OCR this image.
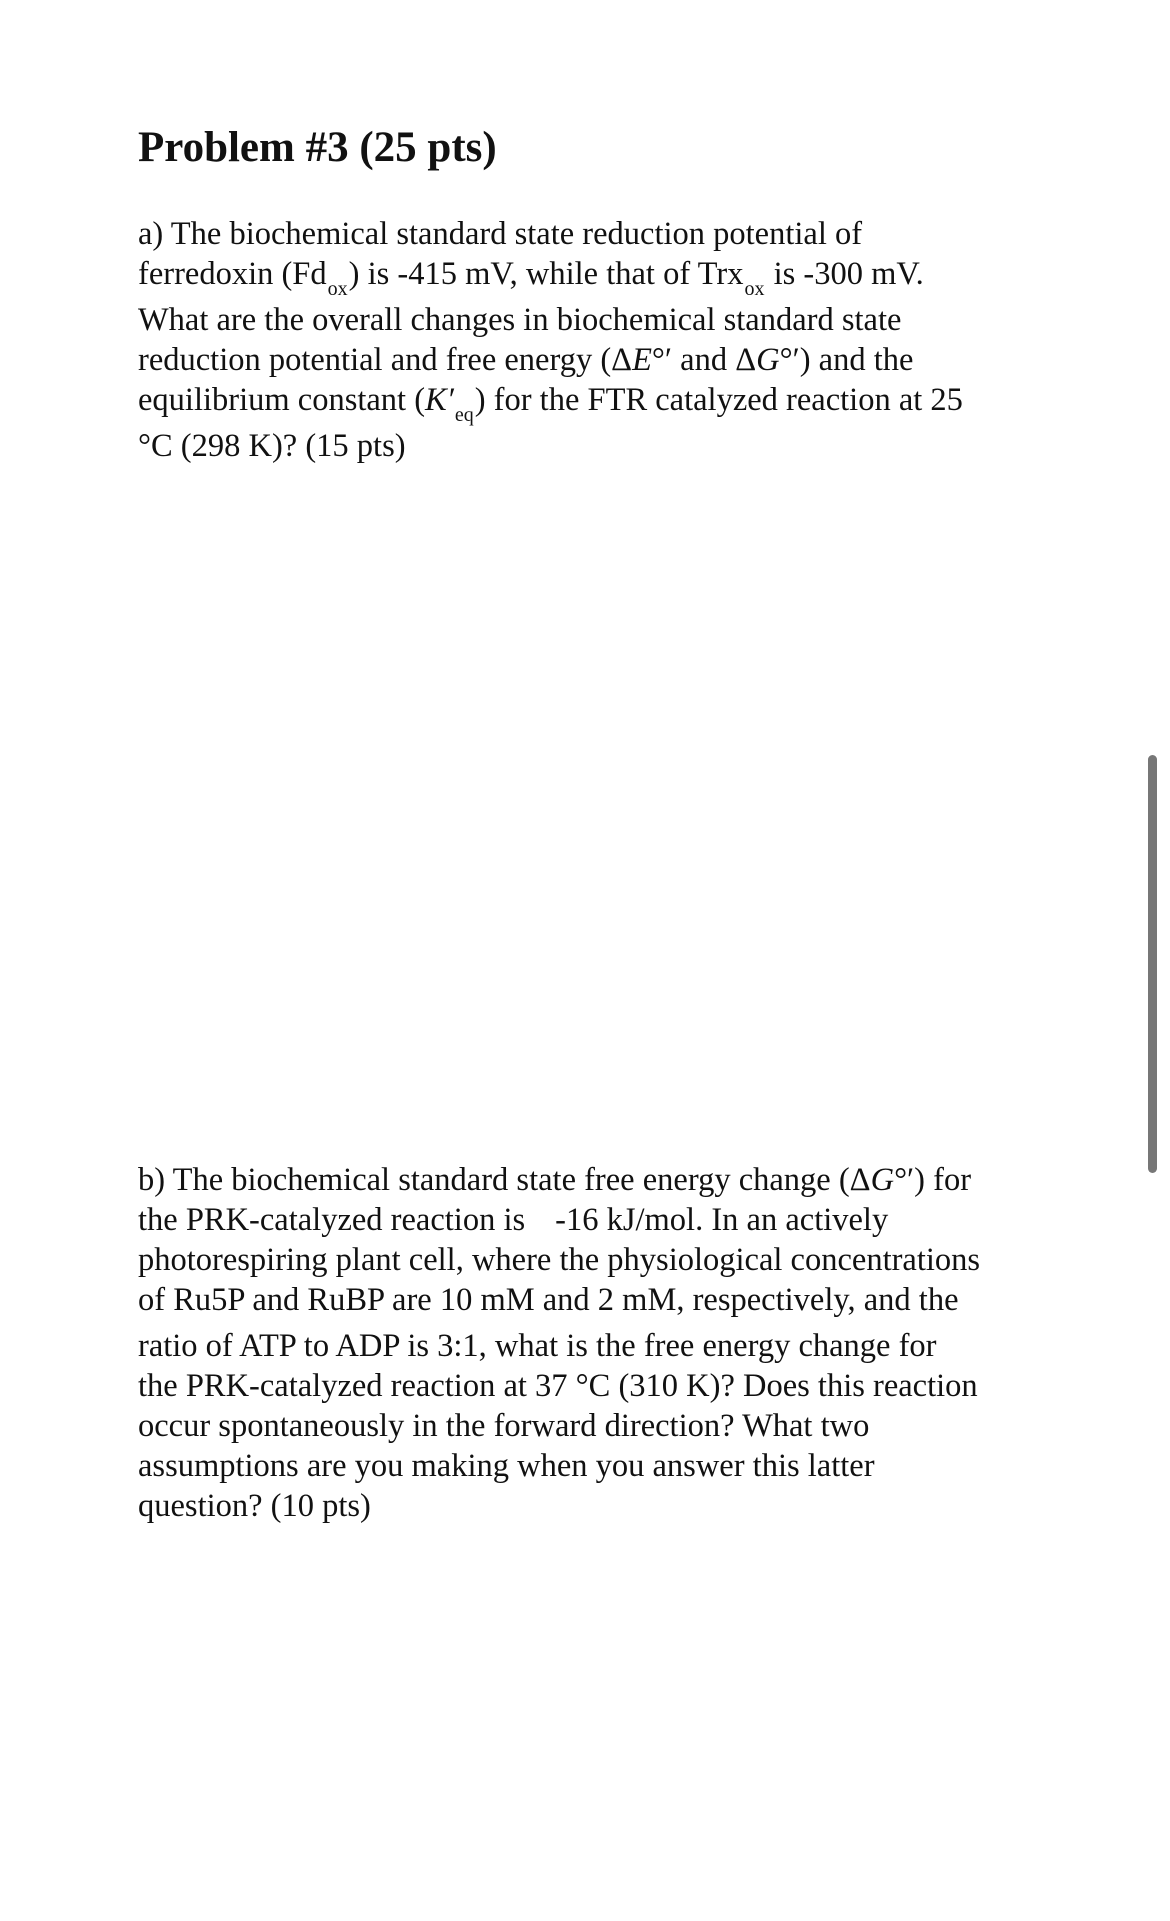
Problem #3 (25 pts)
a) The biochemical standard state reduction potential of
ferredoxin $(Fd_{ox})$ is -415 mV, while that of Trx$_{ox}$ is -300 mV.
What are the overall changes in biochemical standard state
reduction potential and free energy (ΔE°′ and ΔG°′) and the
equilibrium constant $(K'_{eq})$ for the FTR catalyzed reaction at 25
°C (298 K)? (15 pts)
b) The biochemical standard state free energy change (ΔG°′) for
the PRK-catalyzed reaction is -16 kJ/mol. In an actively
photorespiring plant cell, where the physiological concentrations
of Ru5P and RuBP are 10 mM and 2 mM, respectively, and the
ratio of ATP to ADP is 3:1, what is the free energy change for
the PRK-catalyzed reaction at 37 °C (310 K)? Does this reaction
occur spontaneously in the forward direction? What two
assumptions are you making when you answer this latter
question? (10 pts)
